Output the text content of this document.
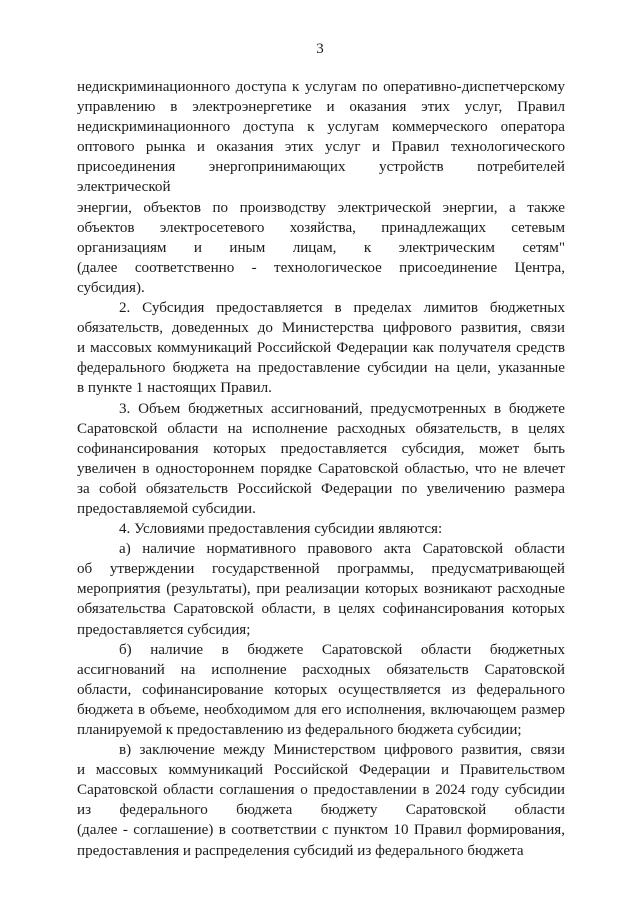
3

недискриминационного доступа к услугам по оперативно-диспетчерскому

управлению в электроэнергетике и оказания этих услуг, Правил

недискриминационного доступа к услугам коммерческого оператора

оптового рынка и оказания этих услуг и Правил технологического

присоединения энергопринимающих устройств потребителей электрической

энергии, объектов по производству электрической энергии, а также

объектов электросетевого хозяйства, принадлежащих сетевым

организациям и иным лицам, к электрическим сетям"

(далее соответственно - технологическое присоединение Центра,

субсидия).

2. Субсидия предоставляется в пределах лимитов бюджетных

обязательств, доведенных до Министерства цифрового развития, связи

и массовых коммуникаций Российской Федерации как получателя средств

федерального бюджета на предоставление субсидии на цели, указанные

в пункте 1 настоящих Правил.

3. Объем бюджетных ассигнований, предусмотренных в бюджете

Саратовской области на исполнение расходных обязательств, в целях

софинансирования которых предоставляется субсидия, может быть

увеличен в одностороннем порядке Саратовской областью, что не влечет

за собой обязательств Российской Федерации по увеличению размера

предоставляемой субсидии.

4. Условиями предоставления субсидии являются:

а) наличие нормативного правового акта Саратовской области

об утверждении государственной программы, предусматривающей

мероприятия (результаты), при реализации которых возникают расходные

обязательства Саратовской области, в целях софинансирования которых

предоставляется субсидия;

б) наличие в бюджете Саратовской области бюджетных

ассигнований на исполнение расходных обязательств Саратовской

области, софинансирование которых осуществляется из федерального

бюджета в объеме, необходимом для его исполнения, включающем размер

планируемой к предоставлению из федерального бюджета субсидии;

в) заключение между Министерством цифрового развития, связи

и массовых коммуникаций Российской Федерации и Правительством

Саратовской области соглашения о предоставлении в 2024 году субсидии

из федерального бюджета бюджету Саратовской области

(далее - соглашение) в соответствии с пунктом 10 Правил формирования,

предоставления и распределения субсидий из федерального бюджета
